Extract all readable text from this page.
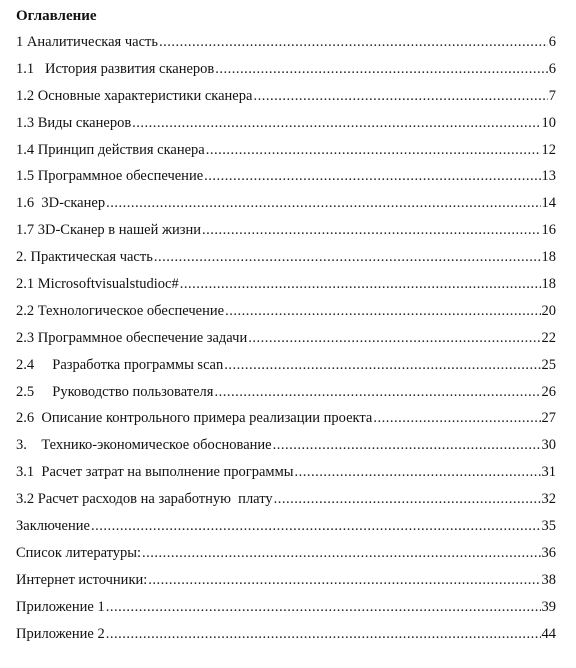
Оглавление
1 Аналитическая часть .....	6
1.1   История развития сканеров .....	6
1.2 Основные характеристики сканера .....	7
1.3 Виды сканеров .....	10
1.4 Принцип действия сканера .....	12
1.5 Программное обеспечение .....	13
1.6  3D-сканер .....	14
1.7 3D-Сканер в нашей жизни .....	16
2. Практическая часть .....	18
2.1 Microsoftvisualstudioc# .....	18
2.2 Технологическое обеспечение .....	20
2.3 Программное обеспечение задачи .....	22
2.4     Разработка программы scan .....	25
2.5     Руководство пользователя .....	26
2.6  Описание контрольного примера реализации проекта .....	27
3.    Технико-экономическое обоснование .....	30
3.1  Расчет затрат на выполнение программы .....	31
3.2 Расчет расходов на заработную  плату .....	32
Заключение .....	35
Список литературы: .....	36
Интернет источники: .....	38
Приложение 1 .....	39
Приложение 2 .....	44
